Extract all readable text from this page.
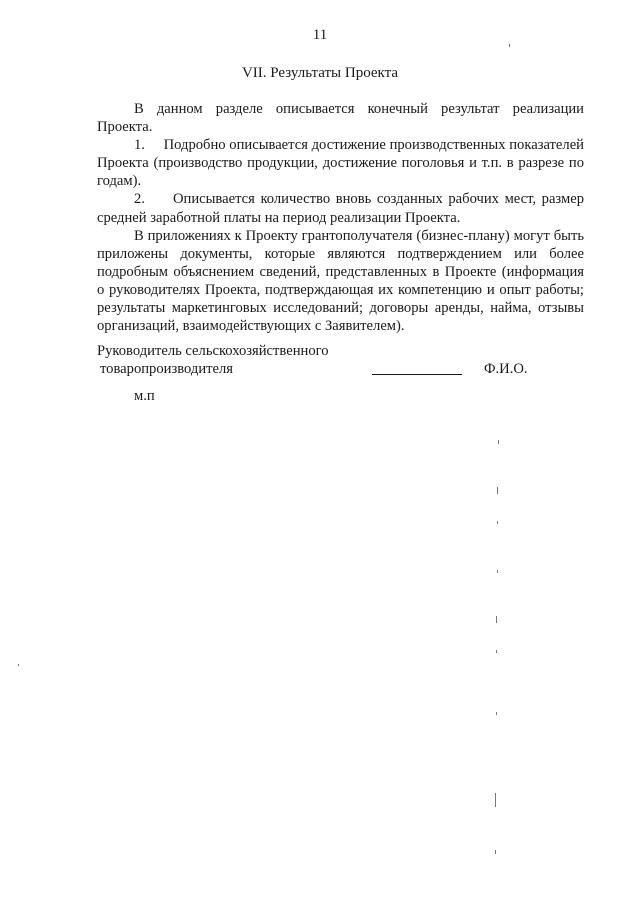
11
VII. Результаты Проекта

В данном разделе описывается конечный результат реализации Проекта.

1.     Подробно описывается достижение производственных показателей Проекта (производство продукции, достижение поголовья и т.п. в разрезе по годам).

2.     Описывается количество вновь созданных рабочих мест, размер средней заработной платы на период реализации Проекта.

В приложениях к Проекту грантополучателя (бизнес-плану) могут быть приложены документы, которые являются подтверждением или более подробным объяснением сведений, представленных в Проекте (информация о руководителях Проекта, подтверждающая их компетенцию и опыт работы; результаты маркетинговых исследований; договоры аренды, найма, отзывы организаций, взаимодействующих с Заявителем).

Руководитель сельскохозяйственного
товаропроизводителя	Ф.И.О.
м.п
